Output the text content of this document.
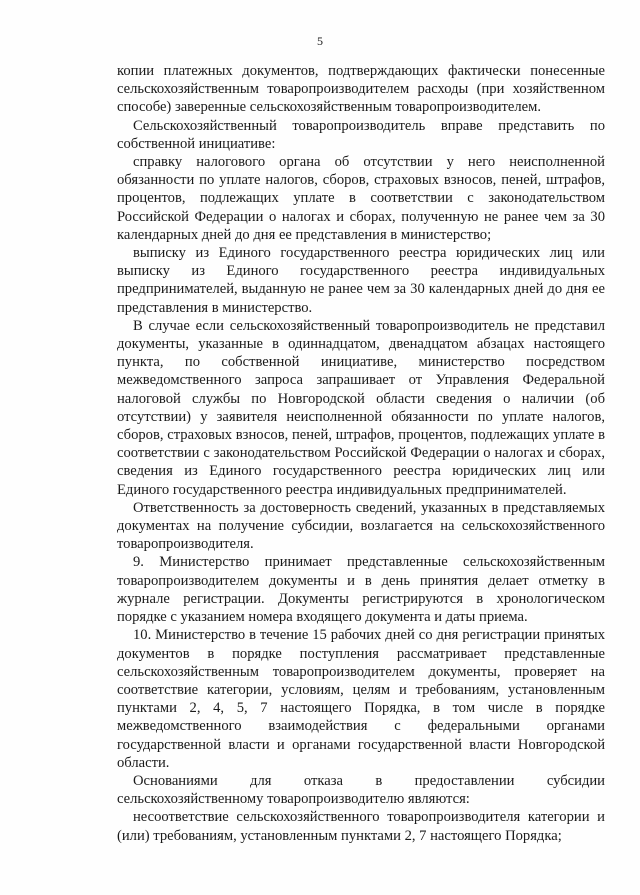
5

копии платежных документов, подтверждающих фактически понесенные сельскохозяйственным товаропроизводителем расходы (при хозяйственном способе) заверенные сельскохозяйственным товаропроизводителем.

Сельскохозяйственный товаропроизводитель вправе представить по собственной инициативе:

справку налогового органа об отсутствии у него неисполненной обязанности по уплате налогов, сборов, страховых взносов, пеней, штрафов, процентов, подлежащих уплате в соответствии с законодательством Российской Федерации о налогах и сборах, полученную не ранее чем за 30 календарных дней до дня ее представления в министерство;

выписку из Единого государственного реестра юридических лиц или выписку из Единого государственного реестра индивидуальных предпринимателей, выданную не ранее чем за 30 календарных дней до дня ее представления в министерство.

В случае если сельскохозяйственный товаропроизводитель не представил документы, указанные в одиннадцатом, двенадцатом абзацах настоящего пункта, по собственной инициативе, министерство посредством межведомственного запроса запрашивает от Управления Федеральной налоговой службы по Новгородской области сведения о наличии (об отсутствии) у заявителя неисполненной обязанности по уплате налогов, сборов, страховых взносов, пеней, штрафов, процентов, подлежащих уплате в соответствии с законодательством Российской Федерации о налогах и сборах, сведения из Единого государственного реестра юридических лиц или Единого государственного реестра индивидуальных предпринимателей.

Ответственность за достоверность сведений, указанных в представляемых документах на получение субсидии, возлагается на сельскохозяйственного товаропроизводителя.

9. Министерство принимает представленные сельскохозяйственным товаропроизводителем документы и в день принятия делает отметку в журнале регистрации. Документы регистрируются в хронологическом порядке с указанием номера входящего документа и даты приема.

10. Министерство в течение 15 рабочих дней со дня регистрации принятых документов в порядке поступления рассматривает представленные сельскохозяйственным товаропроизводителем документы, проверяет на соответствие категории, условиям, целям и требованиям, установленным пунктами 2, 4, 5, 7 настоящего Порядка, в том числе в порядке межведомственного взаимодействия с федеральными органами государственной власти и органами государственной власти Новгородской области.

Основаниями для отказа в предоставлении субсидии сельскохозяйственному товаропроизводителю являются:

несоответствие сельскохозяйственного товаропроизводителя категории и (или) требованиям, установленным пунктами 2, 7 настоящего Порядка;
